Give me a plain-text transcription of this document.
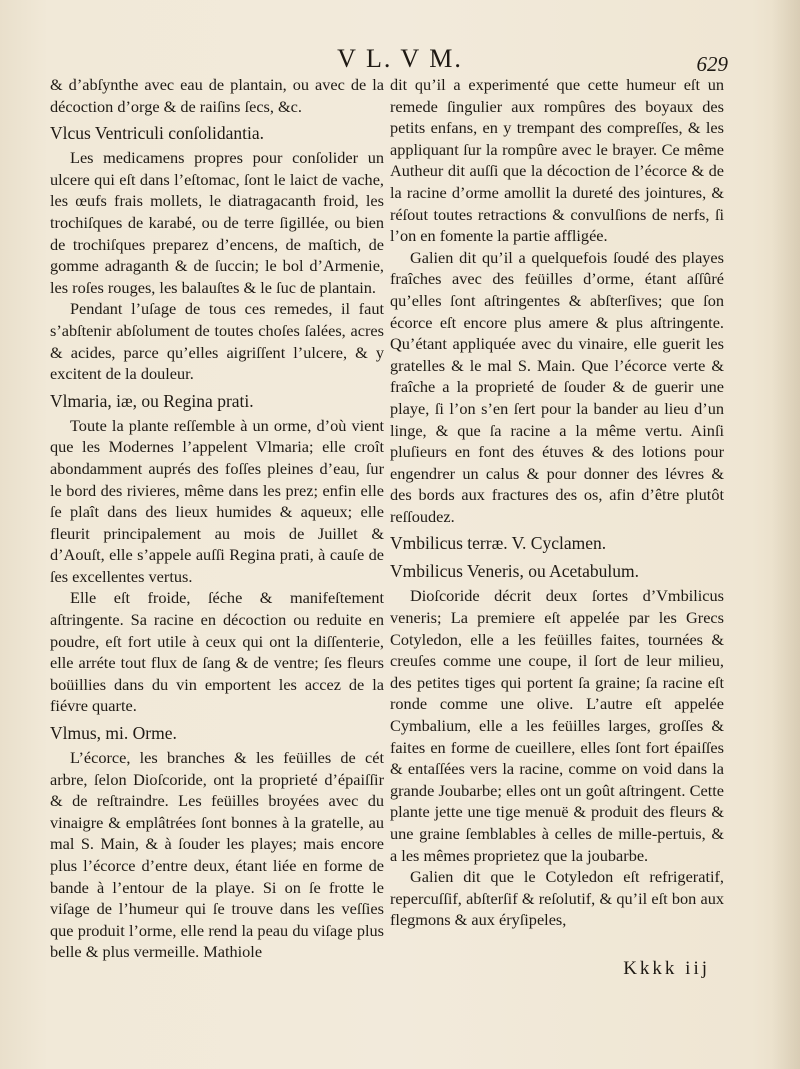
V L. V M.	629

& d’abſynthe avec eau de plantain, ou avec de la décoction d’orge & de raiſins ſecs, &c.

Vlcus Ventriculi conſolidantia.

Les medicamens propres pour conſolider un ulcere qui eſt dans l’eſtomac, ſont le laict de vache, les œufs frais mollets, le diatragacanth froid, les trochiſques de karabé, ou de terre ſigillée, ou bien de trochiſques preparez d’encens, de maſtich, de gomme adraganth & de ſuccin; le bol d’Armenie, les roſes rouges, les balauſtes & le ſuc de plantain.

Pendant l’uſage de tous ces remedes, il faut s’abſtenir abſolument de toutes choſes ſalées, acres & acides, parce qu’elles aigriſſent l’ulcere, & y excitent de la douleur.

Vlmaria, iæ, ou Regina prati.

Toute la plante reſſemble à un orme, d’où vient que les Modernes l’appelent Vlmaria; elle croît abondamment auprés des foſſes pleines d’eau, ſur le bord des rivieres, même dans les prez; enfin elle ſe plaît dans des lieux humides & aqueux; elle fleurit principalement au mois de Juillet & d’Aouſt, elle s’appele auſſi Regina prati, à cauſe de ſes excellentes vertus.

Elle eſt froide, ſéche & manifeſtement aſtringente. Sa racine en décoction ou reduite en poudre, eſt fort utile à ceux qui ont la diſſenterie, elle arréte tout flux de ſang & de ventre; ſes fleurs boüillies dans du vin emportent les accez de la fiévre quarte.

Vlmus, mi. Orme.

L’écorce, les branches & les feüilles de cét arbre, ſelon Dioſcoride, ont la proprieté d’épaiſſir & de reſtraindre. Les feüilles broyées avec du vinaigre & emplâtrées ſont bonnes à la gratelle, au mal S. Main, & à ſouder les playes; mais encore plus l’écorce d’entre deux, étant liée en forme de bande à l’entour de la playe. Si on ſe frotte le viſage de l’humeur qui ſe trouve dans les veſſies que produit l’orme, elle rend la peau du viſage plus belle & plus vermeille. Mathiole

dit qu’il a experimenté que cette humeur eſt un remede ſingulier aux rompûres des boyaux des petits enfans, en y trempant des compreſſes, & les appliquant ſur la rompûre avec le brayer. Ce même Autheur dit auſſi que la décoction de l’écorce & de la racine d’orme amollit la dureté des jointures, & réſout toutes retractions & convulſions de nerfs, ſi l’on en fomente la partie affligée.

Galien dit qu’il a quelquefois ſoudé des playes fraîches avec des feüilles d’orme, étant aſſûré qu’elles ſont aſtringentes & abſterſives; que ſon écorce eſt encore plus amere & plus aſtringente. Qu’étant appliquée avec du vinaire, elle guerit les gratelles & le mal S. Main. Que l’écorce verte & fraîche a la proprieté de ſouder & de guerir une playe, ſi l’on s’en ſert pour la bander au lieu d’un linge, & que ſa racine a la même vertu. Ainſi pluſieurs en font des étuves & des lotions pour engendrer un calus & pour donner des lévres & des bords aux fractures des os, afin d’être plutôt reſſoudez.

Vmbilicus terræ. V. Cyclamen.
Vmbilicus Veneris, ou Acetabulum.

Dioſcoride décrit deux ſortes d’Vmbilicus veneris; La premiere eſt appelée par les Grecs Cotyledon, elle a les feüilles faites, tournées & creuſes comme une coupe, il ſort de leur milieu, des petites tiges qui portent ſa graine; ſa racine eſt ronde comme une olive. L’autre eſt appelée Cymbalium, elle a les feüilles larges, groſſes & faites en forme de cueillere, elles ſont fort épaiſſes & entaſſées vers la racine, comme on void dans la grande Joubarbe; elles ont un goût aſtringent. Cette plante jette une tige menuë & produit des fleurs & une graine ſemblables à celles de mille-pertuis, & a les mêmes proprietez que la joubarbe.

Galien dit que le Cotyledon eſt refrigeratif, repercuſſif, abſterſif & reſolutif, & qu’il eſt bon aux flegmons & aux éryſipeles,

Kkkk iij
